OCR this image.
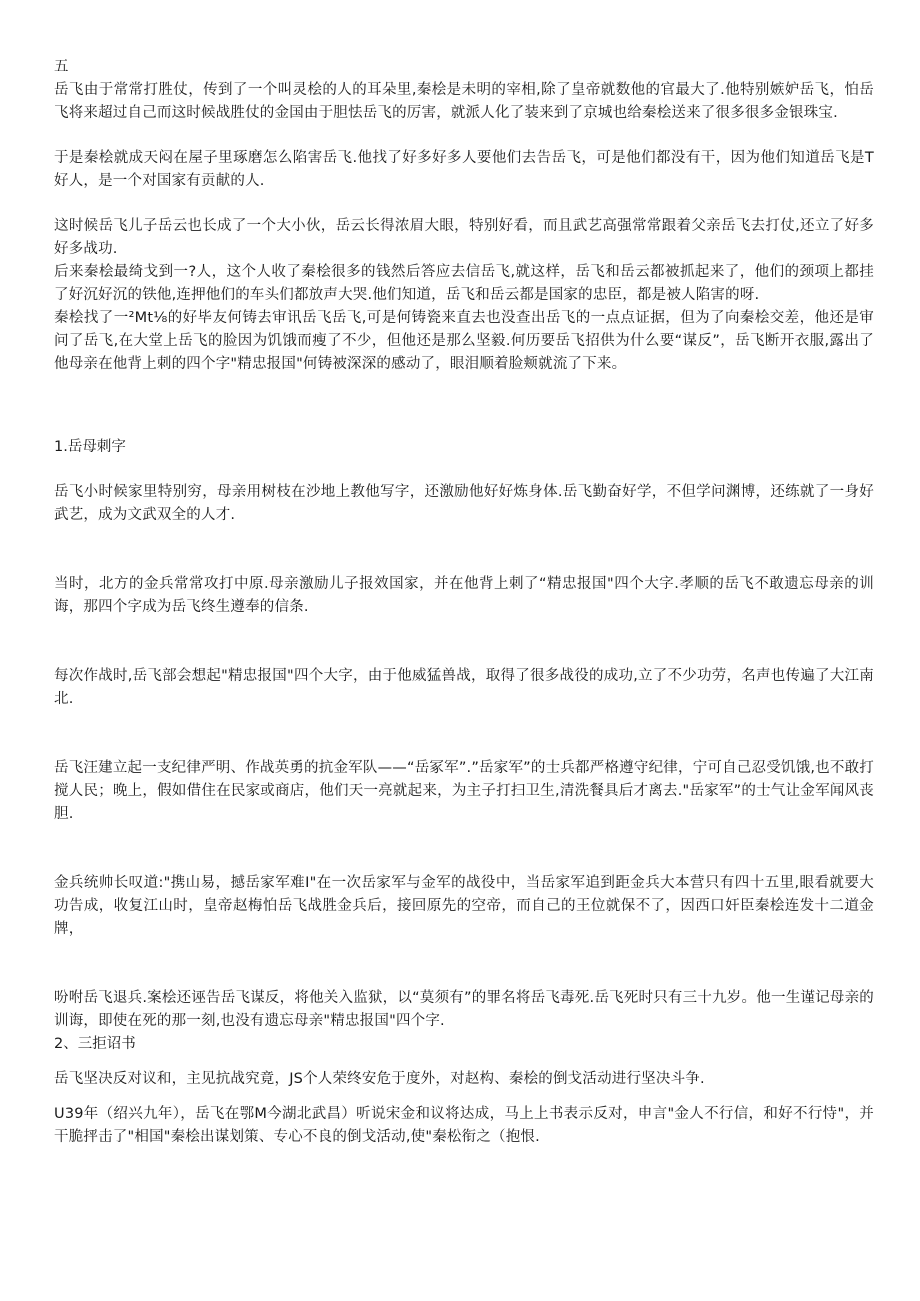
五

岳飞由于常常打胜仗，传到了一个叫灵桧的人的耳朵里,秦桧是未明的宰相,除了皇帝就数他的官最大了.他特别嫉妒岳飞，怕岳飞将来超过自己而这时候战胜仗的金国由于胆怯岳飞的厉害，就派人化了装来到了京城也给秦桧送来了很多很多金银珠宝.

于是秦桧就成天闷在屋子里琢磨怎么陷害岳飞.他找了好多好多人要他们去告岳飞，可是他们都没有干，因为他们知道岳飞是T好人，是一个对国家有贡献的人.

这时候岳飞儿子岳云也长成了一个大小伙，岳云长得浓眉大眼，特别好看，而且武艺高强常常跟着父亲岳飞去打仗,还立了好多好多战功.

后来秦桧最绮戈到一?人，这个人收了秦桧很多的钱然后答应去信岳飞,就这样，岳飞和岳云都被抓起来了，他们的颈项上都挂了好沉好沉的铁他,连押他们的车头们都放声大哭.他们知道，岳飞和岳云都是国家的忠臣，都是被人陷害的呀.

秦桧找了一²Mt⅛的好毕友何铸去审讯岳飞岳飞,可是何铸瓷来直去也没查出岳飞的一点点证据，但为了向秦桧交差，他还是审问了岳飞,在大堂上岳飞的脸因为饥饿而瘦了不少，但他还是那么坚毅.何历要岳飞招供为什么要“谋反”，岳飞断开衣服,露出了他母亲在他背上刺的四个字"精忠报国"何铸被深深的感动了，眼泪顺着脸颊就流了下来。

1.岳母刺字

岳飞小时候家里特别穷，母亲用树枝在沙地上教他写字，还激励他好好炼身体.岳飞勤奋好学，不但学问渊博，还练就了一身好武艺，成为文武双全的人才.

当时，北方的金兵常常攻打中原.母亲激励儿子报效国家，并在他背上刺了“精忠报国"四个大字.孝顺的岳飞不敢遗忘母亲的训诲，那四个字成为岳飞终生遵奉的信条.

每次作战时,岳飞部会想起"精忠报国"四个大字，由于他威猛兽战，取得了很多战役的成功,立了不少功劳，名声也传遍了大江南北.

岳飞汪建立起一支纪律严明、作战英勇的抗金军队——“岳冢军”.”岳家军”的士兵都严格遵守纪律，宁可自己忍受饥饿,也不敢打搅人民；晚上，假如借住在民家或商店，他们天一亮就起来，为主子打扫卫生,清洗餐具后才离去."岳家军”的士气让金军闻风丧胆.

金兵统帅长叹道:"携山易，撼岳家军难I"在一次岳家军与金军的战役中，当岳家军追到距金兵大本营只有四十五里,眼看就要大功告成，收复江山时，皇帝赵梅怕岳飞战胜金兵后，接回原先的空帝，而自己的王位就保不了，因西口奸臣秦桧连发十二道金牌，

吩咐岳飞退兵.案桧还诬告岳飞谋反，将他关入监狱，以“莫须有”的罪名将岳飞毒死.岳飞死时只有三十九岁。他一生谨记母亲的训诲，即使在死的那一刻,也没有遗忘母亲"精忠报国"四个字.

2、三拒诏书

岳飞坚决反对议和，主见抗战究竟，JS个人荣终安危于度外，对赵构、秦桧的倒戈活动进行坚决斗争.

U39年（绍兴九年），岳飞在鄂M今湖北武昌）听说宋金和议将达成，马上上书表示反对，申言"金人不行信，和好不行恃"，并干脆抨击了"相国"秦桧出谋划策、专心不良的倒戈活动,使"秦松衔之（抱恨.
